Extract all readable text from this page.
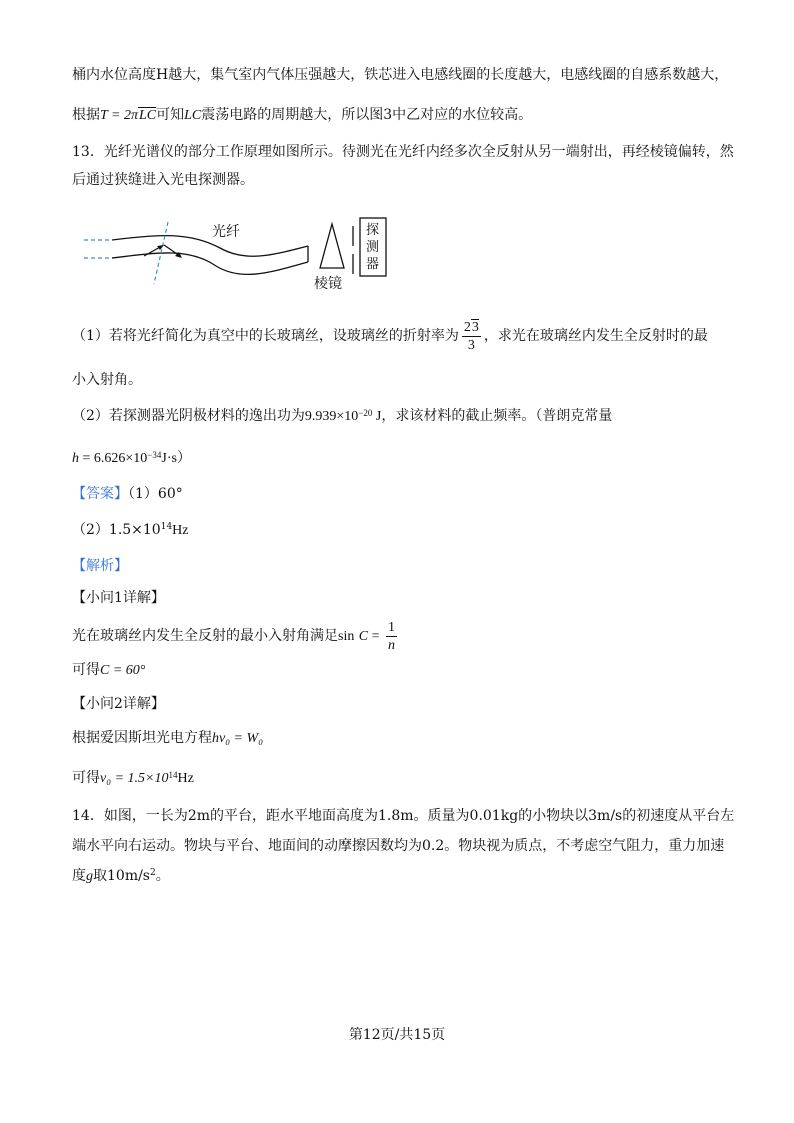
桶内水位高度H越大，集气室内气体压强越大，铁芯进入电感线圈的长度越大，电感线圈的自感系数越大，
根据T = 2πLC可知LC震荡电路的周期越大，所以图3中乙对应的水位较高。
13．光纤光谱仪的部分工作原理如图所示。待测光在光纤内经多次全反射从另一端射出，再经棱镜偏转，然
后通过狭缝进入光电探测器。
光纤
棱镜
探
测
器
（1）若将光纤简化为真空中的长玻璃丝，设玻璃丝的折射率为 $\frac{23}{3}$ ，求光在玻璃丝内发生全反射时的最
小入射角。
（2）若探测器光阴极材料的逸出功为$9.939\times 10^{-20}$ J，求该材料的截止频率。（普朗克常量
$h = 6.626\times 10^{-34}J\cdot s$）
【答案】（1）60°
$(2)1.5\times 10^{14}Hz$
【解析】
【小问1详解】
光在玻璃丝内发生全反射的最小入射角满足$\sin C = \frac{1}{n}$
可得C = 60°
【小问2详解】
根据爱因斯坦光电方程hν₀ = W₀
可得$\nu_0 = 1.5\times 10^{14}Hz$
14．如图，一长为2m的平台，距水平地面高度为1.8m。质量为0.01kg的小物块以3m/s的初速度从平台左
端水平向右运动。物块与平台、地面间的动摩擦因数均为0.2。物块视为质点，不考虑空气阻力，重力加速
度g取$10m/s^2$。
第12页/共15页
